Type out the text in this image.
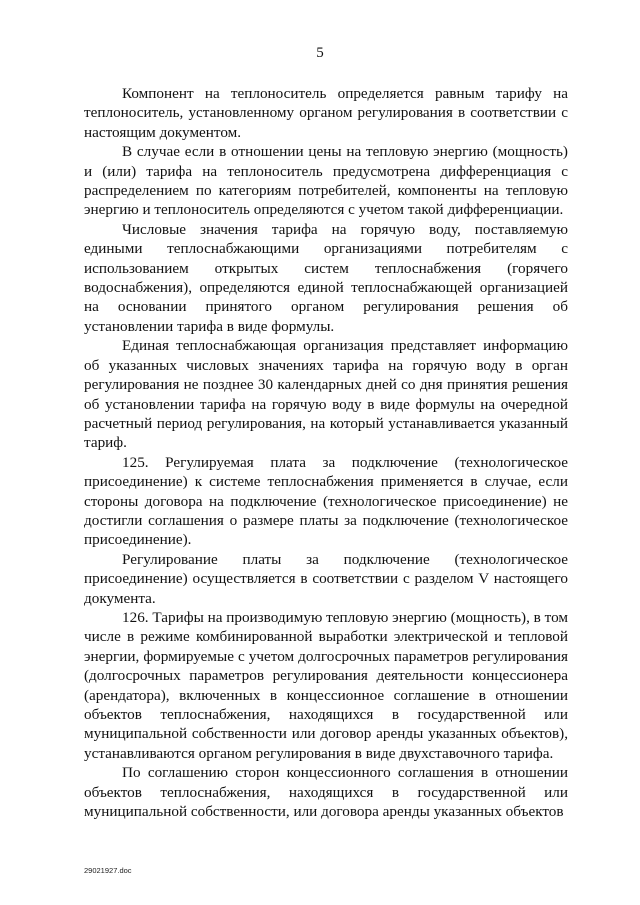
5

Компонент на теплоноситель определяется равным тарифу на теплоноситель, установленному органом регулирования в соответствии с настоящим документом.

В случае если в отношении цены на тепловую энергию (мощность) и (или) тарифа на теплоноситель предусмотрена дифференциация с распределением по категориям потребителей, компоненты на тепловую энергию и теплоноситель определяются с учетом такой дифференциации.

Числовые значения тарифа на горячую воду, поставляемую едиными теплоснабжающими организациями потребителям с использованием открытых систем теплоснабжения (горячего водоснабжения), определяются единой теплоснабжающей организацией на основании принятого органом регулирования решения об установлении тарифа в виде формулы.

Единая теплоснабжающая организация представляет информацию об указанных числовых значениях тарифа на горячую воду в орган регулирования не позднее 30 календарных дней со дня принятия решения об установлении тарифа на горячую воду в виде формулы на очередной расчетный период регулирования, на который устанавливается указанный тариф.

125. Регулируемая плата за подключение (технологическое присоединение) к системе теплоснабжения применяется в случае, если стороны договора на подключение (технологическое присоединение) не достигли соглашения о размере платы за подключение (технологическое присоединение).

Регулирование платы за подключение (технологическое присоединение) осуществляется в соответствии с разделом V настоящего документа.

126. Тарифы на производимую тепловую энергию (мощность), в том числе в режиме комбинированной выработки электрической и тепловой энергии, формируемые с учетом долгосрочных параметров регулирования (долгосрочных параметров регулирования деятельности концессионера (арендатора), включенных в концессионное соглашение в отношении объектов теплоснабжения, находящихся в государственной или муниципальной собственности или договор аренды указанных объектов), устанавливаются органом регулирования в виде двухставочного тарифа.

По соглашению сторон концессионного соглашения в отношении объектов теплоснабжения, находящихся в государственной или муниципальной собственности, или договора аренды указанных объектов

29021927.doc
